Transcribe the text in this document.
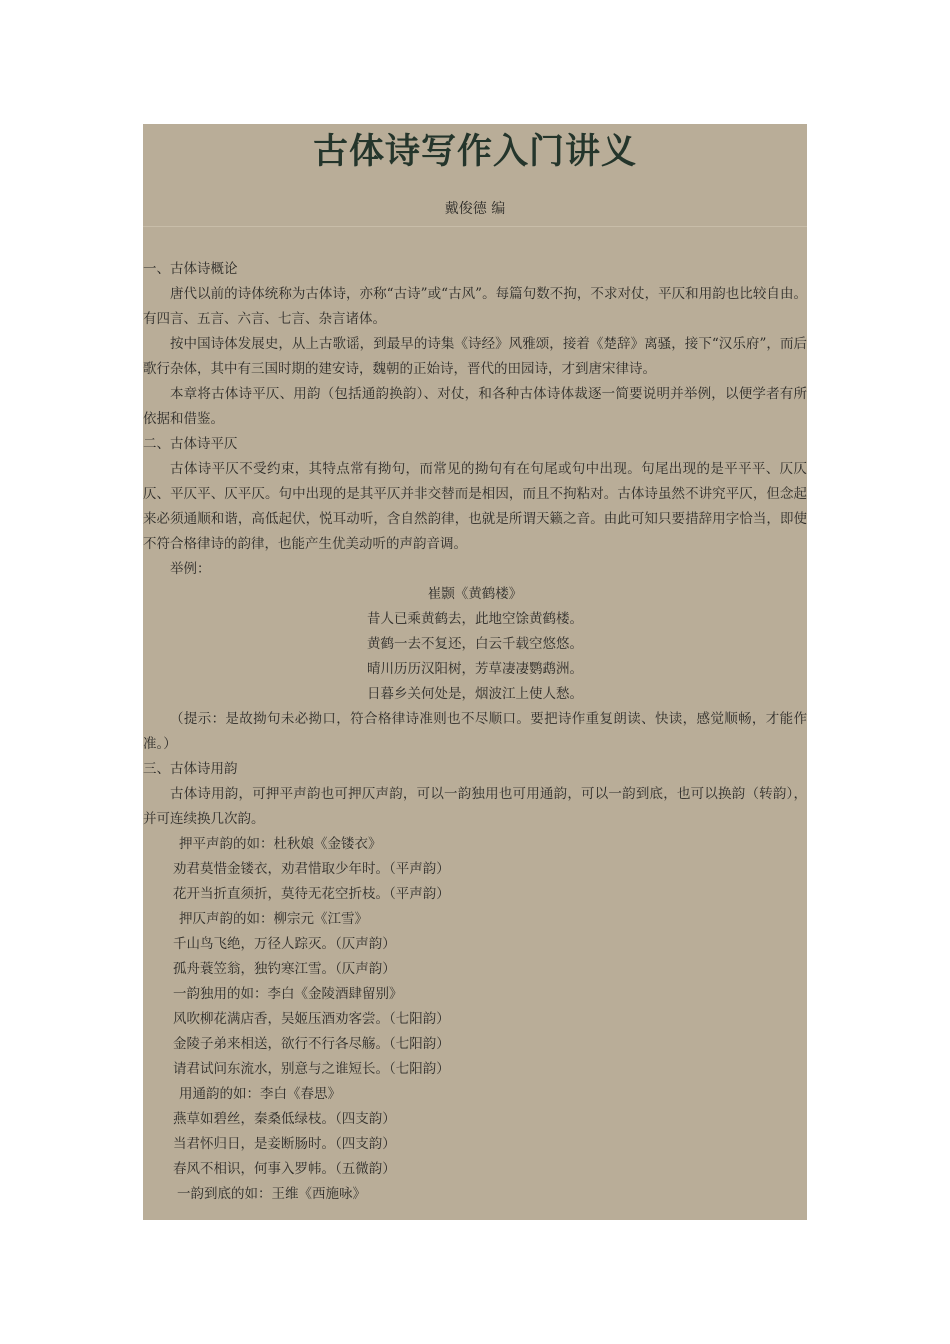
古体诗写作入门讲义
戴俊德 编

一、古体诗概论

唐代以前的诗体统称为古体诗，亦称“古诗”或“古风”。每篇句数不拘，不求对仗，平仄和用韵也比较自由。有四言、五言、六言、七言、杂言诸体。

按中国诗体发展史，从上古歌谣，到最早的诗集《诗经》风雅颂，接着《楚辞》离骚，接下“汉乐府”，而后歌行杂体，其中有三国时期的建安诗，魏朝的正始诗，晋代的田园诗，才到唐宋律诗。

本章将古体诗平仄、用韵（包括通韵换韵）、对仗，和各种古体诗体裁逐一简要说明并举例，以便学者有所依据和借鉴。

二、古体诗平仄

古体诗平仄不受约束，其特点常有拗句，而常见的拗句有在句尾或句中出现。句尾出现的是平平平、仄仄仄、平仄平、仄平仄。句中出现的是其平仄并非交替而是相因，而且不拘粘对。古体诗虽然不讲究平仄，但念起来必须通顺和谐，高低起伏，悦耳动听，含自然韵律，也就是所谓天籁之音。由此可知只要措辞用字恰当，即使不符合格律诗的韵律，也能产生优美动听的声韵音调。

举例：

崔颢《黄鹤楼》

昔人已乘黄鹤去，此地空馀黄鹤楼。

黄鹤一去不复还，白云千载空悠悠。

晴川历历汉阳树，芳草凄凄鹦鹉洲。

日暮乡关何处是，烟波江上使人愁。

（提示：是故拗句未必拗口，符合格律诗准则也不尽顺口。要把诗作重复朗读、快读，感觉顺畅，才能作准。）

三、古体诗用韵

古体诗用韵，可押平声韵也可押仄声韵，可以一韵独用也可用通韵，可以一韵到底，也可以换韵（转韵），并可连续换几次韵。

押平声韵的如：杜秋娘《金镂衣》

劝君莫惜金镂衣，劝君惜取少年时。（平声韵）

花开当折直须折，莫待无花空折枝。（平声韵）

押仄声韵的如：柳宗元《江雪》

千山鸟飞绝，万径人踪灭。（仄声韵）

孤舟蓑笠翁，独钓寒江雪。（仄声韵）

一韵独用的如：李白《金陵酒肆留别》

风吹柳花满店香，吴姬压酒劝客尝。（七阳韵）

金陵子弟来相送，欲行不行各尽觞。（七阳韵）

请君试问东流水，别意与之谁短长。（七阳韵）

用通韵的如：李白《春思》

燕草如碧丝，秦桑低绿枝。（四支韵）

当君怀归日，是妾断肠时。（四支韵）

春风不相识，何事入罗帏。（五微韵）

一韵到底的如：王维《西施咏》
